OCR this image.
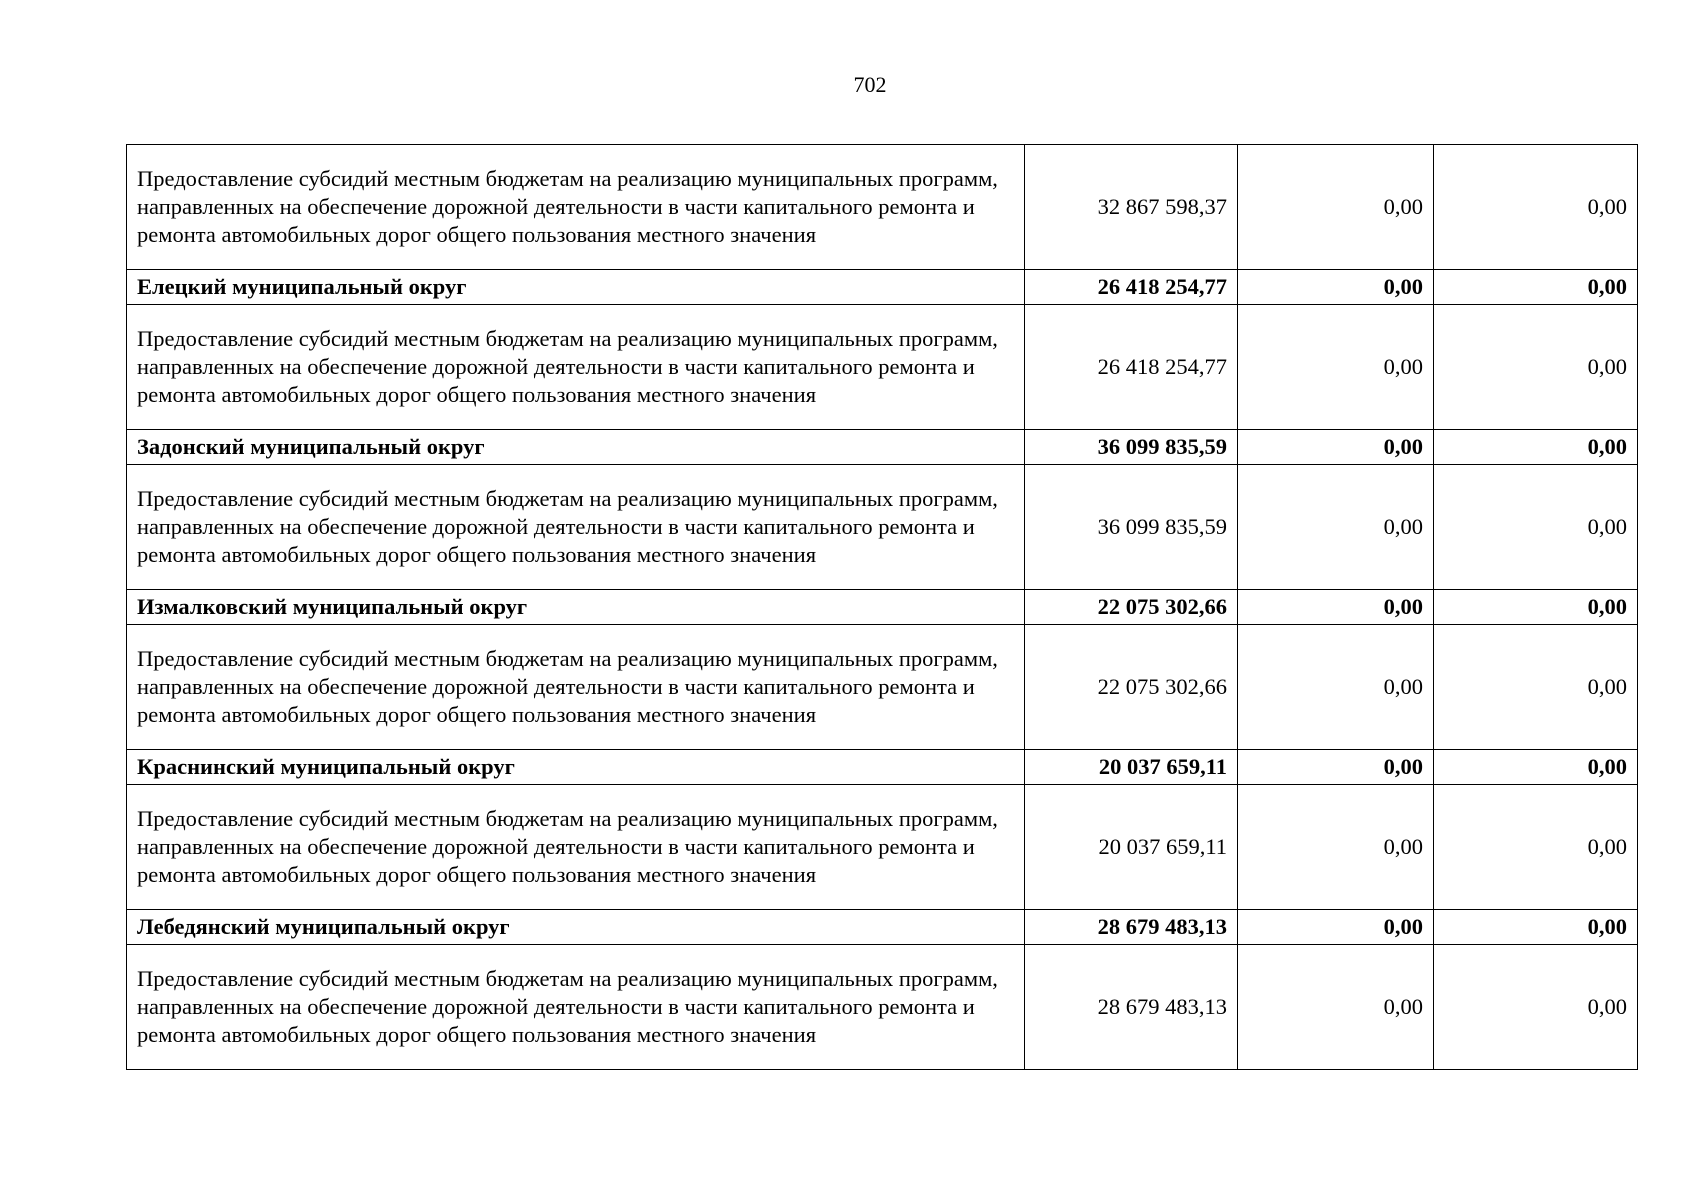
702
Предоставление субсидий местным бюджетам на реализацию муниципальных программ, направленных на обеспечение дорожной деятельности в части капитального ремонта и ремонта автомобильных дорог общего пользования местного значения	32 867 598,37	0,00	0,00
Елецкий муниципальный округ	26 418 254,77	0,00	0,00
Предоставление субсидий местным бюджетам на реализацию муниципальных программ, направленных на обеспечение дорожной деятельности в части капитального ремонта и ремонта автомобильных дорог общего пользования местного значения	26 418 254,77	0,00	0,00
Задонский муниципальный округ	36 099 835,59	0,00	0,00
Предоставление субсидий местным бюджетам на реализацию муниципальных программ, направленных на обеспечение дорожной деятельности в части капитального ремонта и ремонта автомобильных дорог общего пользования местного значения	36 099 835,59	0,00	0,00
Измалковский муниципальный округ	22 075 302,66	0,00	0,00
Предоставление субсидий местным бюджетам на реализацию муниципальных программ, направленных на обеспечение дорожной деятельности в части капитального ремонта и ремонта автомобильных дорог общего пользования местного значения	22 075 302,66	0,00	0,00
Краснинский муниципальный округ	20 037 659,11	0,00	0,00
Предоставление субсидий местным бюджетам на реализацию муниципальных программ, направленных на обеспечение дорожной деятельности в части капитального ремонта и ремонта автомобильных дорог общего пользования местного значения	20 037 659,11	0,00	0,00
Лебедянский муниципальный округ	28 679 483,13	0,00	0,00
Предоставление субсидий местным бюджетам на реализацию муниципальных программ, направленных на обеспечение дорожной деятельности в части капитального ремонта и ремонта автомобильных дорог общего пользования местного значения	28 679 483,13	0,00	0,00
